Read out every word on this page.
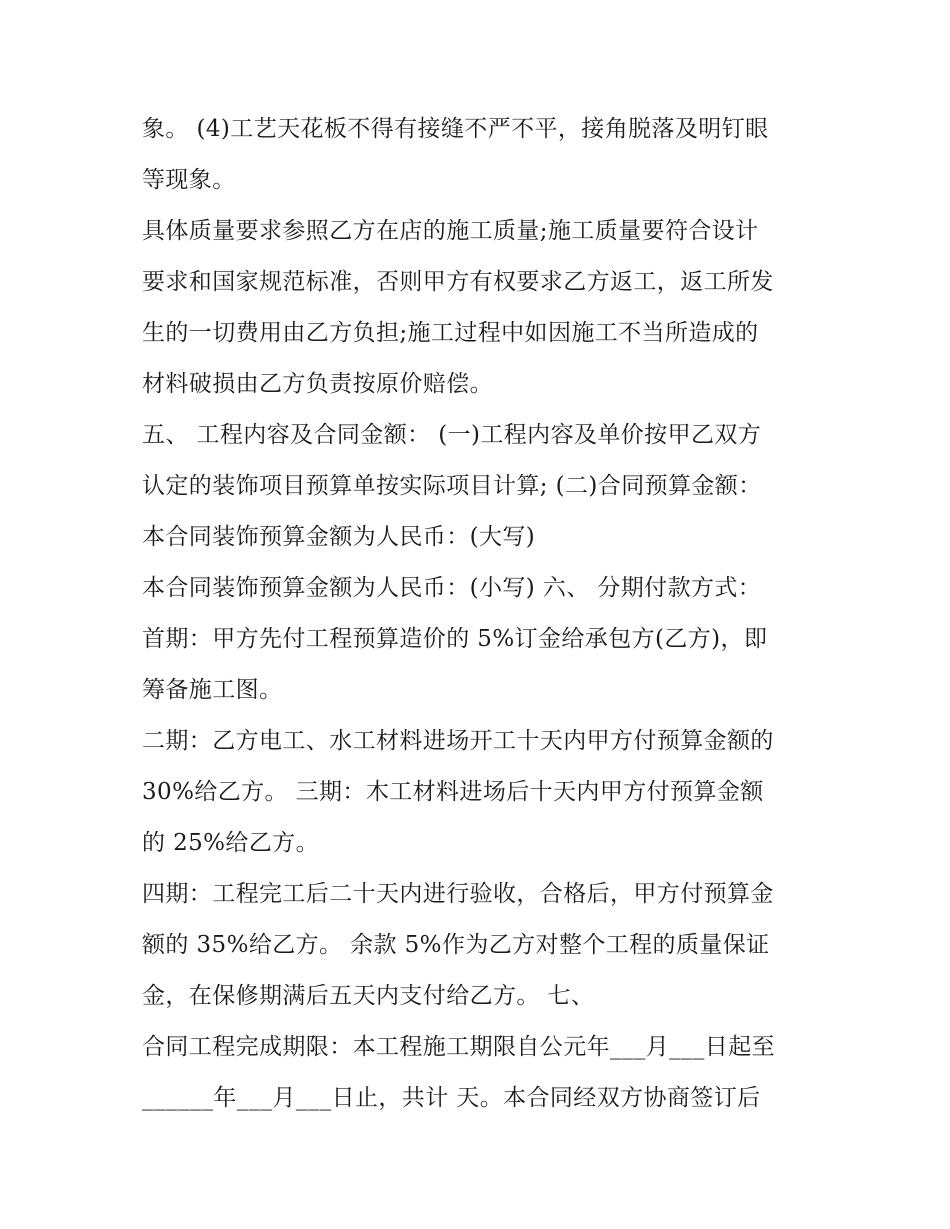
象。 (4)工艺天花板不得有接缝不严不平，接角脱落及明钉眼

等现象。

具体质量要求参照乙方在店的施工质量;施工质量要符合设计

要求和国家规范标准，否则甲方有权要求乙方返工，返工所发

生的一切费用由乙方负担;施工过程中如因施工不当所造成的

材料破损由乙方负责按原价赔偿。

五、 工程内容及合同金额： (一)工程内容及单价按甲乙双方

认定的装饰项目预算单按实际项目计算; (二)合同预算金额：

本合同装饰预算金额为人民币：(大写)

本合同装饰预算金额为人民币：(小写) 六、 分期付款方式：

首期：甲方先付工程预算造价的 5%订金给承包方(乙方)，即

筹备施工图。

二期：乙方电工、水工材料进场开工十天内甲方付预算金额的

30%给乙方。 三期：木工材料进场后十天内甲方付预算金额

的 25%给乙方。

四期：工程完工后二十天内进行验收，合格后，甲方付预算金

额的 35%给乙方。 余款 5%作为乙方对整个工程的质量保证

金，在保修期满后五天内支付给乙方。 七、

合同工程完成期限：本工程施工期限自公元年___月___日起至

______年___月___日止，共计 天。本合同经双方协商签订后
